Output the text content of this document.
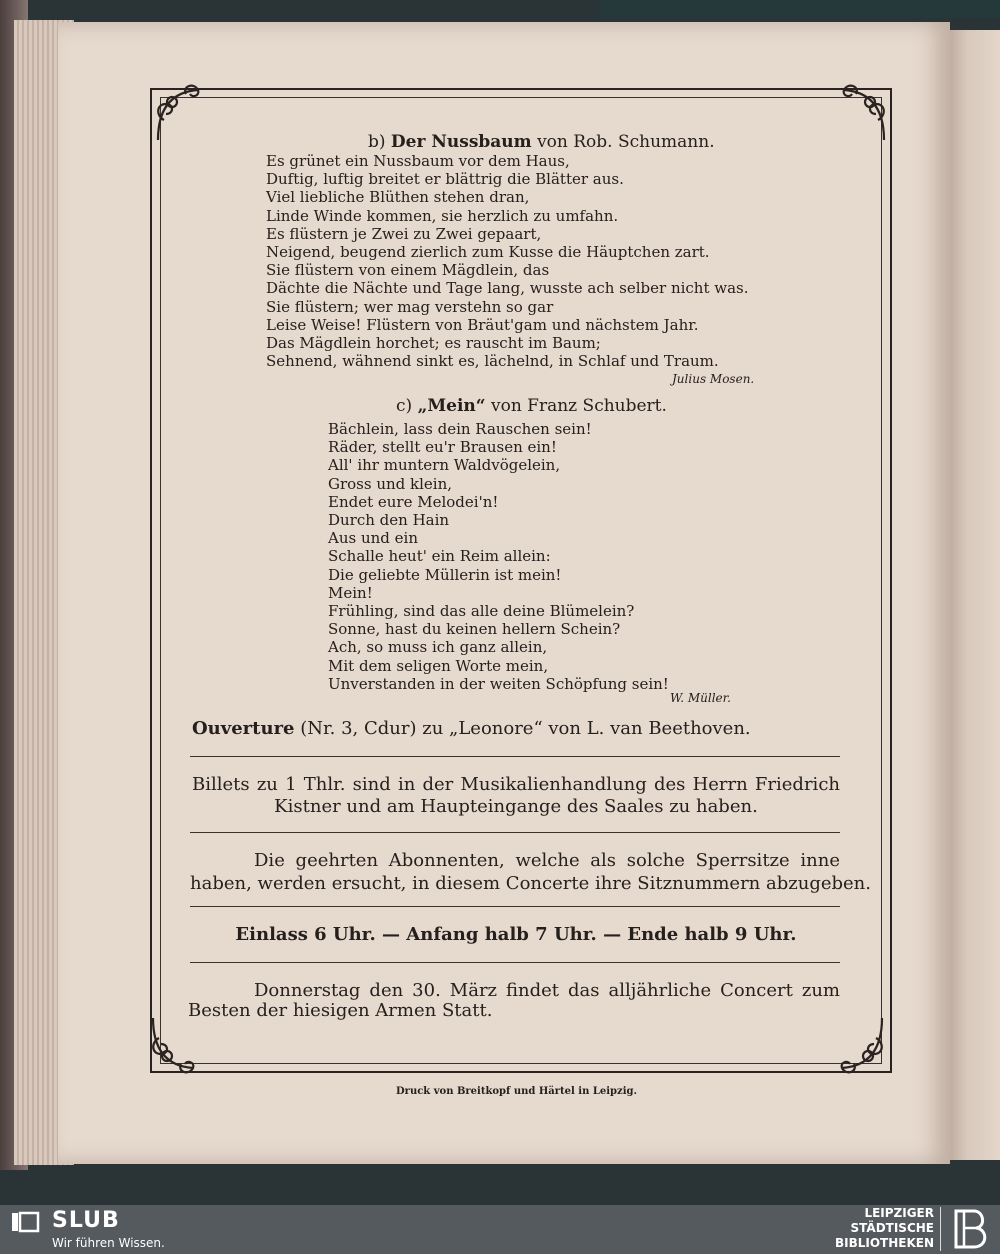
b) Der Nussbaum von Rob. Schumann.
Es grünet ein Nussbaum vor dem Haus,
Duftig, luftig breitet er blättrig die Blätter aus.
Viel liebliche Blüthen stehen dran,
Linde Winde kommen, sie herzlich zu umfahn.
Es flüstern je Zwei zu Zwei gepaart,
Neigend, beugend zierlich zum Kusse die Häuptchen zart.
Sie flüstern von einem Mägdlein, das
Dächte die Nächte und Tage lang, wusste ach selber nicht was.
Sie flüstern; wer mag verstehn so gar
Leise Weise! Flüstern von Bräut'gam und nächstem Jahr.
Das Mägdlein horchet; es rauscht im Baum;
Sehnend, wähnend sinkt es, lächelnd, in Schlaf und Traum.
Julius Mosen.
c) „Mein“ von Franz Schubert.
Bächlein, lass dein Rauschen sein!
Räder, stellt eu'r Brausen ein!
All' ihr muntern Waldvögelein,
Gross und klein,
Endet eure Melodei'n!
Durch den Hain
Aus und ein
Schalle heut' ein Reim allein:
Die geliebte Müllerin ist mein!
Mein!
Frühling, sind das alle deine Blümelein?
Sonne, hast du keinen hellern Schein?
Ach, so muss ich ganz allein,
Mit dem seligen Worte mein,
Unverstanden in der weiten Schöpfung sein!
W. Müller.
Ouverture (Nr. 3, Cdur) zu „Leonore“ von L. van Beethoven.
Billets zu 1 Thlr. sind in der Musikalienhandlung des Herrn Friedrich
Kistner und am Haupteingange des Saales zu haben.
Die geehrten Abonnenten, welche als solche Sperrsitze inne
haben, werden ersucht, in diesem Concerte ihre Sitznummern abzugeben.
Einlass 6 Uhr. — Anfang halb 7 Uhr. — Ende halb 9 Uhr.
Donnerstag den 30. März findet das alljährliche Concert zum
Besten der hiesigen Armen Statt.
Druck von Breitkopf und Härtel in Leipzig.
SLUB
Wir führen Wissen.
LEIPZIGER
STÄDTISCHE
BIBLIOTHEKEN
